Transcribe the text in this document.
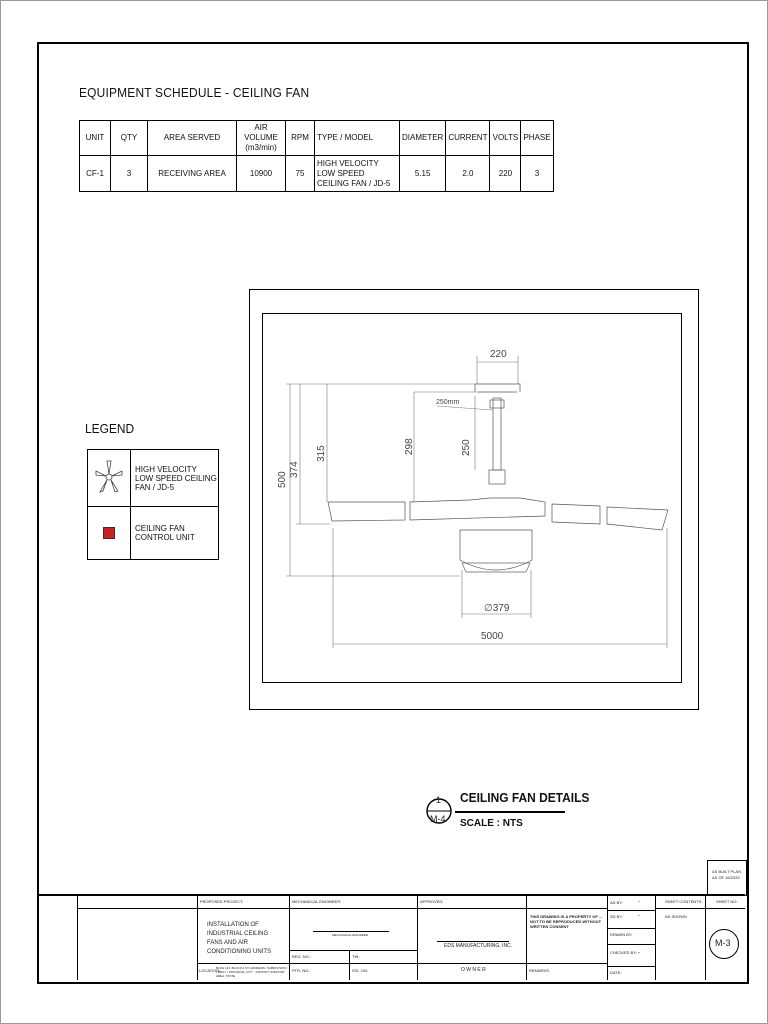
EQUIPMENT SCHEDULE - CEILING FAN
UNIT	QTY	AREA SERVED	AIR VOLUME (m3/min)	RPM	TYPE / MODEL	DIAMETER	CURRENT	VOLTS	PHASE
CF-1	3	RECEIVING AREA	10900	75	HIGH VELOCITY LOW SPEED CEILING FAN / JD-5	5.15	2.0	220	3
LEGEND
	HIGH VELOCITY LOW SPEED CEILING FAN / JD-5

	CEILING FAN CONTROL UNIT
220
250mm
500
374
315	298	250
∅379
5000
1
M-4
CEILING FAN DETAILS
SCALE : NTS
AS BUILT PLAN
AS OF 16/2025
PROPOSED PROJECT:
INSTALLATION OF INDUSTRIAL CEILING FANS AND AIR CONDITIONING UNITS
LOCATION:
BLDG 123, BLOCK 4 ST. ADDRESS / SUBDIVISION • BRGY / PROVINCE, CITY · DISTRICT SUPPORT AREA, STATE
MECHANICAL ENGINEER:
MECHANICAL ENGINEER
REG. NO.:	TIN:
PTR. NO.:	ISS. ON:
APPROVED:
EDS MANUFACTURING, INC.
O W N E R
THIS DRAWING IS A PROPERTY OF ... NOT TO BE REPRODUCED WITHOUT WRITTEN CONSENT
REMARKS:
AD BY:	-
SD BY:	-
DRAWN BY:
CHECKED BY: -
DATE:
SHEET CONTENTS:
AS SHOWN
SHEET NO:
M-3
